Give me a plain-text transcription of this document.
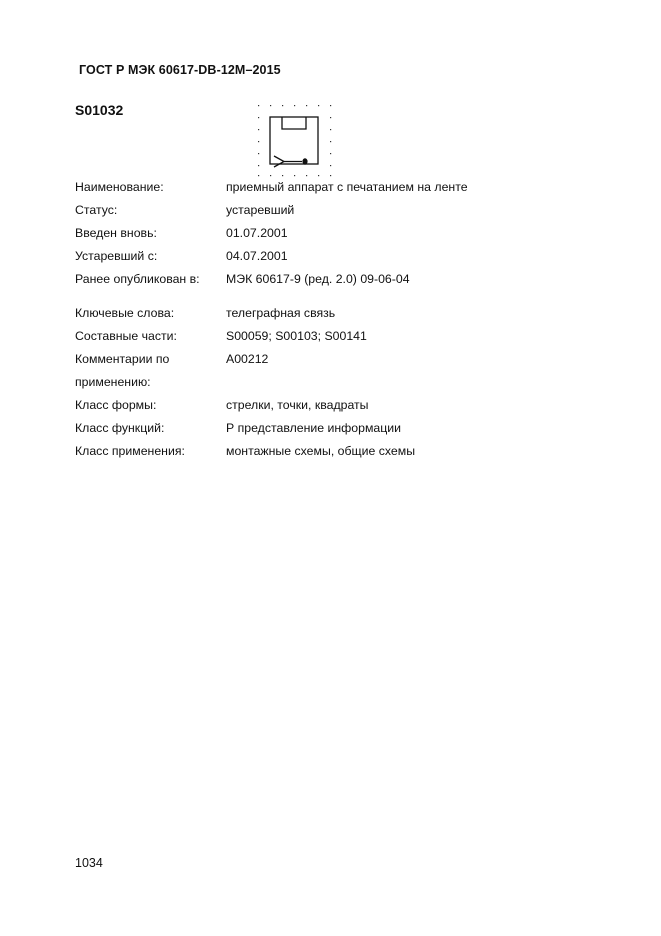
ГОСТ Р МЭК 60617-DB-12M–2015
S01032
Наименование:	приемный аппарат с печатанием на ленте
Статус:	устаревший
Введен вновь:	01.07.2001
Устаревший с:	04.07.2001
Ранее опубликован в:	МЭК 60617-9 (ред. 2.0) 09-06-04
Ключевые слова:	телеграфная связь
Составные части:	S00059; S00103; S00141
Комментарии по применению:
A00212
Класс формы:	стрелки, точки, квадраты
Класс функций:	Р представление информации
Класс применения:	монтажные схемы, общие схемы
1034
